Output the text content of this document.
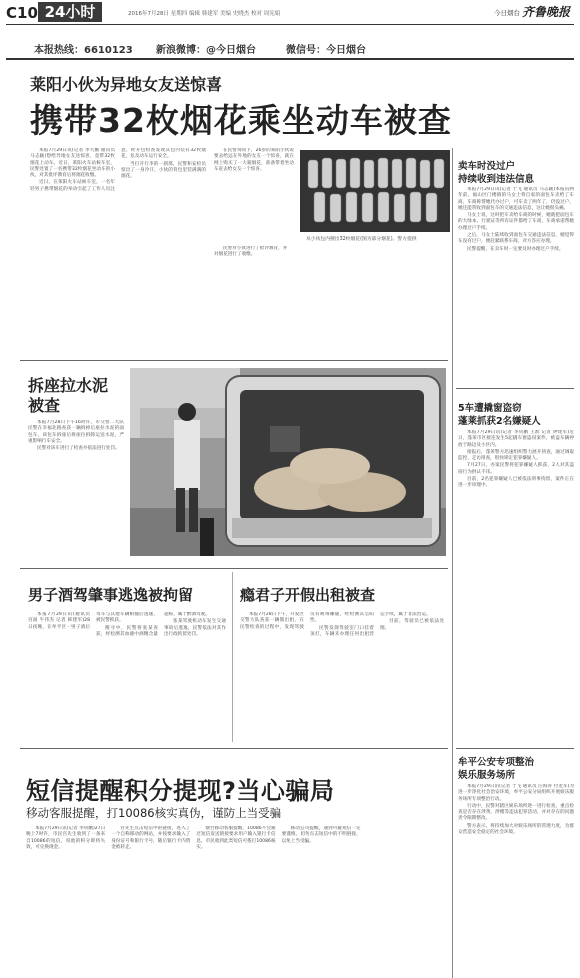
C10 24小时	2016年7月28日 星期四 编辑 韩建军 美编 史晓杰 校对 周宪娟	今日烟台 齐鲁晚报
本报热线：6610123 新浪微博：@今日烟台	微信号：今日烟台
莱阳小伙为异地女友送惊喜
携带32枚烟花乘坐动车被查

本报7月29日讯(记者 李大鹏 通讯员 马志颖)想给异地女友送惊喜，竟带32枚烟花上动车。近日，莱阳火车站候车室，民警处置了一名携带32枚烟花坐动车的小伙，对其批评教育后将烟花收缴。

近日，在莱阳火车站候车室，一名年轻男子携带烟花的举动引起了工作人员注意，经开包检查发现其包内装有32枚烟花，危及动车运行安全。

当打开行李的一刹那，民警和安检员惊出了一身冷汗，小伙的背包里装满满的烟花。

在民警询问下，26岁的莱阳小伙说要去给远在外地的女友一个惊喜，就在网上购买了一大箱烟花，准备带着坐动车赶去给女友一个惊喜。

从小伙包内搜出32枚烟花(图为部分烟花)。警方提供

民警对小伙进行了批评教育，并对烟花进行了收缴。

卖车时没过户
持续收到违法信息

本报7月29日讯(记者 于飞 通讯员 马志颖)本报讯两年前，福山区门楼镇的马女士将自家的面包车卖给了车商，车商称帮她代办过户，可车卖了两年了，仍没过户，她还能常收到面包车的交通违法信息，这让她很头痛。

马女士说，这时把车卖给车商的时候，她就把面包车的大绿本、行驶证等所有证件都给了车商，车商承诺帮她办理过户手续。

之后，马女士陆续收到面包车交通违法信息，她觉得车没有过户，便赶紧联系车商，对方答应办理。

民警提醒，在卖车时一定要及时办理过户手续。

拆座拉水泥
被查

本报7月28日下午16时许，市交警二大队民警在幸福北路查获一辆拆掉后座拉水泥的面包车，该包车拆座后将座位拆除运送水泥，严重影响行车安全。

民警对该车进行了检查并依法进行处罚。

5车遭撬窗盗窃
蓬莱抓获2名嫌疑人

本报7月29日讯(记者 李钊鹏 王淮 记者 钟建军)近日，蓬莱市区接连发生5起撬车窗盗窃案件，被盗车辆停放于路边及小区内。

接报后，蓬莱警方迅速组织警力展开侦查，通过调取监控、走访排查，很快锁定犯罪嫌疑人。

7月27日，办案民警将犯罪嫌疑人抓获，2人对其盗窃行为供认不讳。

目前，2名犯罪嫌疑人已被依法刑事拘留，案件正在进一步审理中。

男子酒驾肇事逃逸被拘留

本报7月29日讯(通讯员 宫溢 牛伟杰 记者 韩建军)28日夜晚，在牟平区一男子酒后驾车与其他车辆相撞后逃逸，被民警抓获。

搜寻中，民警将张某查获，经检测其血液中酒精含量超标，属于醉酒驾驶。

张某驾驶机动车发生交通事故后逃逸，民警依法对其作出行政拘留处罚。

瘾君子开假出租被查

本报7月28日下午，开发区交警大队查获一辆假出租，在民警检查的过程中，发现驾驶员有吸毒嫌疑，经检测其呈阳性。

民警发现驾驶室门口挂着顶灯，车辆未办理任何出租营运手续，属于非法营运。

目前，驾驶员已被依法处理。

牟平公安专项整治
娱乐服务场所

本报7月29日讯(记者 于飞 通讯员 汪海涛 付龙军)为进一步净化社会治安环境，牟平公安分局组织开展娱乐服务场所专项整治行动。

行动中，民警对辖区娱乐场所逐一进行检查，重点检查是否存在涉黄、涉赌等违法犯罪活动，并对存在的问题责令限期整改。

警方表示，将持续加大对娱乐场所的管理力度，为群众营造安全稳定的社会环境。

短信提醒积分提现?当心骗局
移动客服提醒，打10086核实真伪，谨防上当受骗

本报7月29日讯(记者 李钊鹏)27日晚上7时许，市民宫先生收到了一条来自10086的短信，说他的积分即将失效，可兑换现金。

宫先生点击短信中的链接，进入了一个自称移动的网站，并按要求输入了身份证号和银行卡号，随后银行卡内资金被转走。

烟台移动客服提醒，10086不会通过短信发送链接要求用户输入银行卡信息，市民收到此类短信可拨打10086核实。

移动公司提醒，遇到可疑短信一定要谨慎，切勿点击短信中的不明链接，以免上当受骗。
